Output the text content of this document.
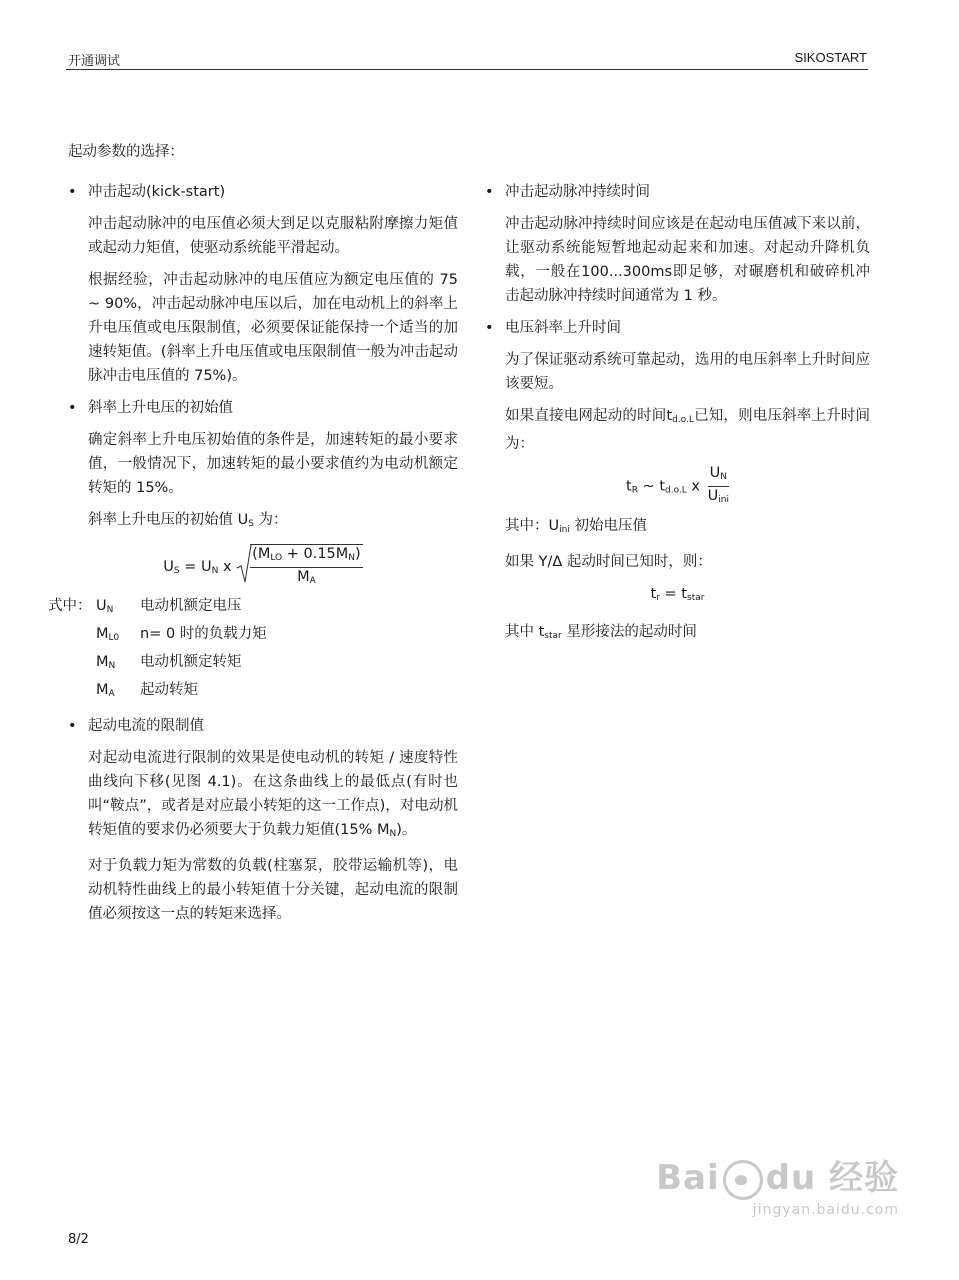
开通调试	SIKOSTART
起动参数的选择：
• 冲击起动(kick-start)
冲击起动脉冲的电压值必须大到足以克服粘附摩擦力矩值或起动力矩值，使驱动系统能平滑起动。
根据经验，冲击起动脉冲的电压值应为额定电压值的 75 ~ 90%，冲击起动脉冲电压以后，加在电动机上的斜率上升电压值或电压限制值，必须要保证能保持一个适当的加速转矩值。(斜率上升电压值或电压限制值一般为冲击起动脉冲击电压值的 75%)。
• 斜率上升电压的初始值
确定斜率上升电压初始值的条件是，加速转矩的最小要求值，一般情况下，加速转矩的最小要求值约为电动机额定转矩的 15%。
斜率上升电压的初始值 $U_S$ 为：
$U_S = U_N$ x $\frac{(M_{LO} + 0.15M_N)}{M_A}$
式中： $U_N$	电动机额定电压
$M_{L0}$	n= 0 时的负载力矩
$M_N$	电动机额定转矩
$M_A$	起动转矩
• 起动电流的限制值
对起动电流进行限制的效果是使电动机的转矩 / 速度特性曲线向下移(见图 4.1)。在这条曲线上的最低点(有时也叫“鞍点”，或者是对应最小转矩的这一工作点)，对电动机转矩值的要求仍必须要大于负载力矩值(15% $M_N$)。
对于负载力矩为常数的负载(柱塞泵，胶带运输机等)，电动机特性曲线上的最小转矩值十分关键，起动电流的限制值必须按这一点的转矩来选择。
• 冲击起动脉冲持续时间
冲击起动脉冲持续时间应该是在起动电压值减下来以前，让驱动系统能短暂地起动起来和加速。对起动升降机负载，一般在100...300ms即足够，对碾磨机和破碎机冲击起动脉冲持续时间通常为 1 秒。
• 电压斜率上升时间
为了保证驱动系统可靠起动，选用的电压斜率上升时间应该要短。
如果直接电网起动的时间$t_{d.o.L}$已知，则电压斜率上升时间为：
$t_R$ ~ $t_{d.o.L}$ x $\frac{U_N}{U_{ini}}$
其中：$U_{ini}$ 初始电压值
如果 Y/Δ 起动时间已知时，则：
$t_r = t_{star}$
其中 $t_{star}$ 星形接法的起动时间
Bai du 经验
jingyan.baidu.com
8/2
